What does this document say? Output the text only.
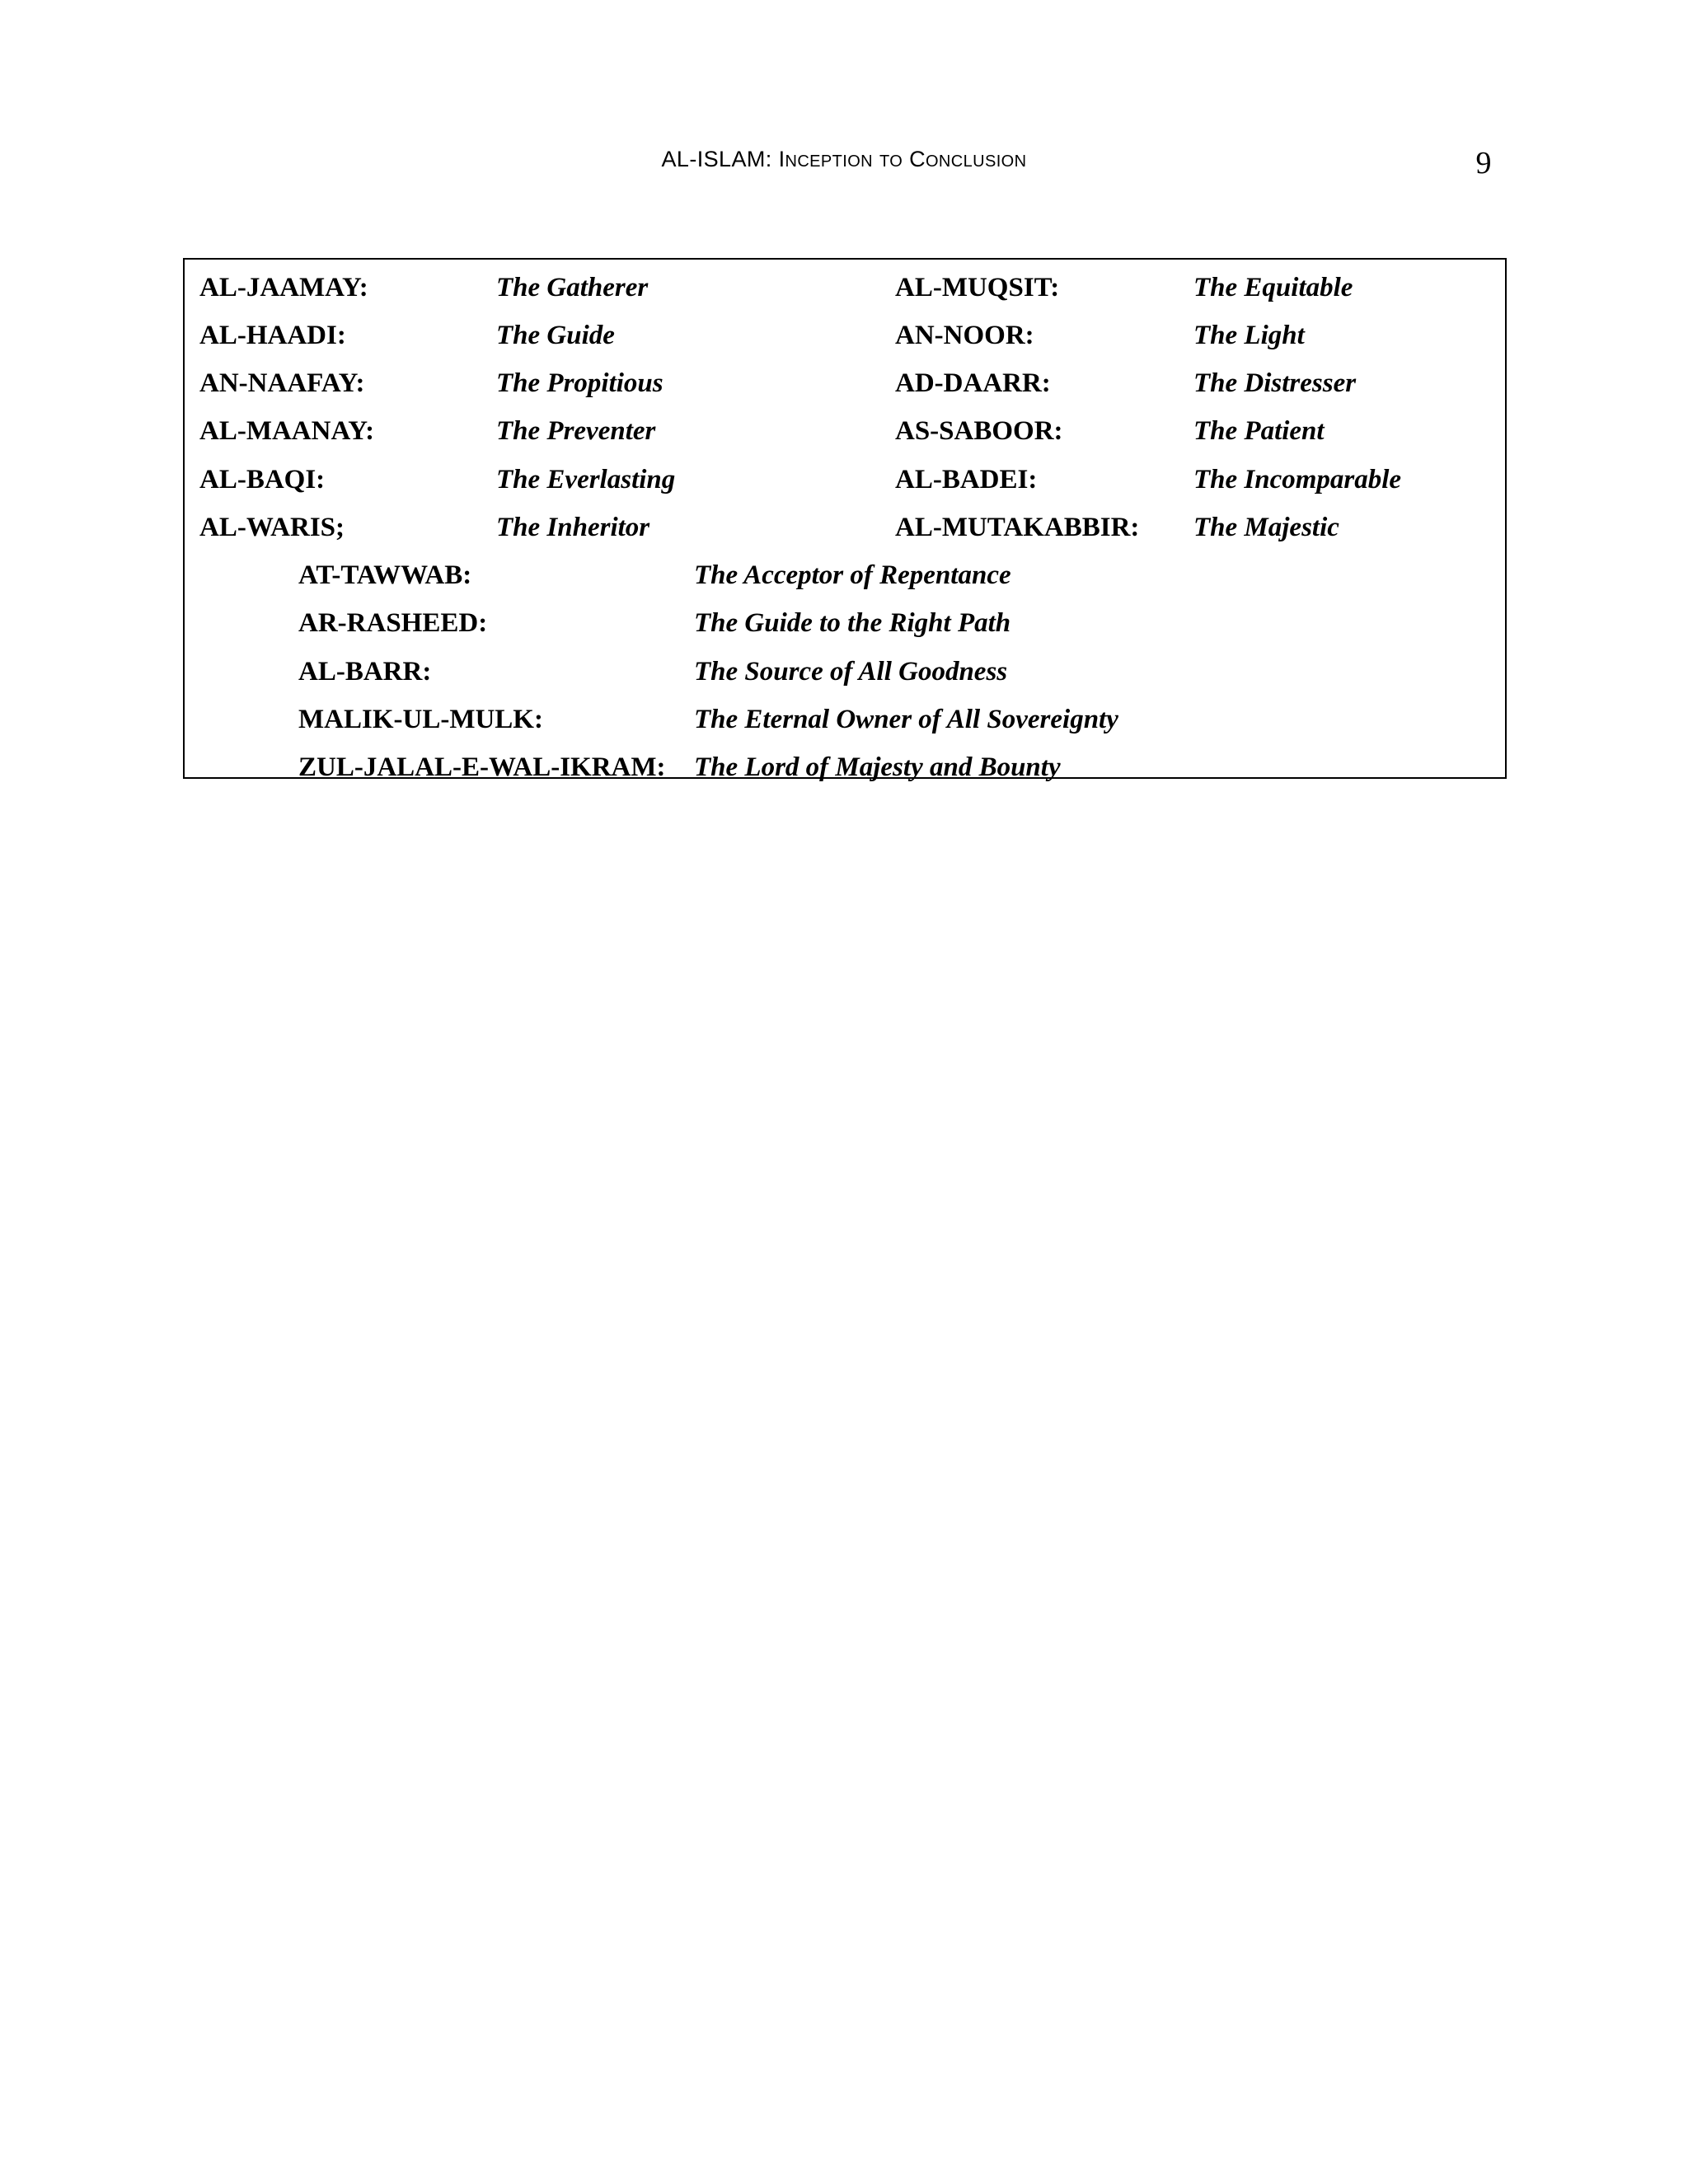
AL-ISLAM: INCEPTION TO CONCLUSION	9
AL-JAAMAY:	The Gatherer	AL-MUQSIT:	The Equitable
AL-HAADI:	The Guide	AN-NOOR:	The Light
AN-NAAFAY:	The Propitious	AD-DAARR:	The Distresser
AL-MAANAY:	The Preventer	AS-SABOOR:	The Patient
AL-BAQI:	The Everlasting	AL-BADEI:	The Incomparable
AL-WARIS;	The Inheritor	AL-MUTAKABBIR: The Majestic
AT-TAWWAB:	The Acceptor of Repentance
AR-RASHEED:	The Guide to the Right Path
AL-BARR:	The Source of All Goodness
MALIK-UL-MULK:	The Eternal Owner of All Sovereignty
ZUL-JALAL-E-WAL-IKRAM: The Lord of Majesty and Bounty
